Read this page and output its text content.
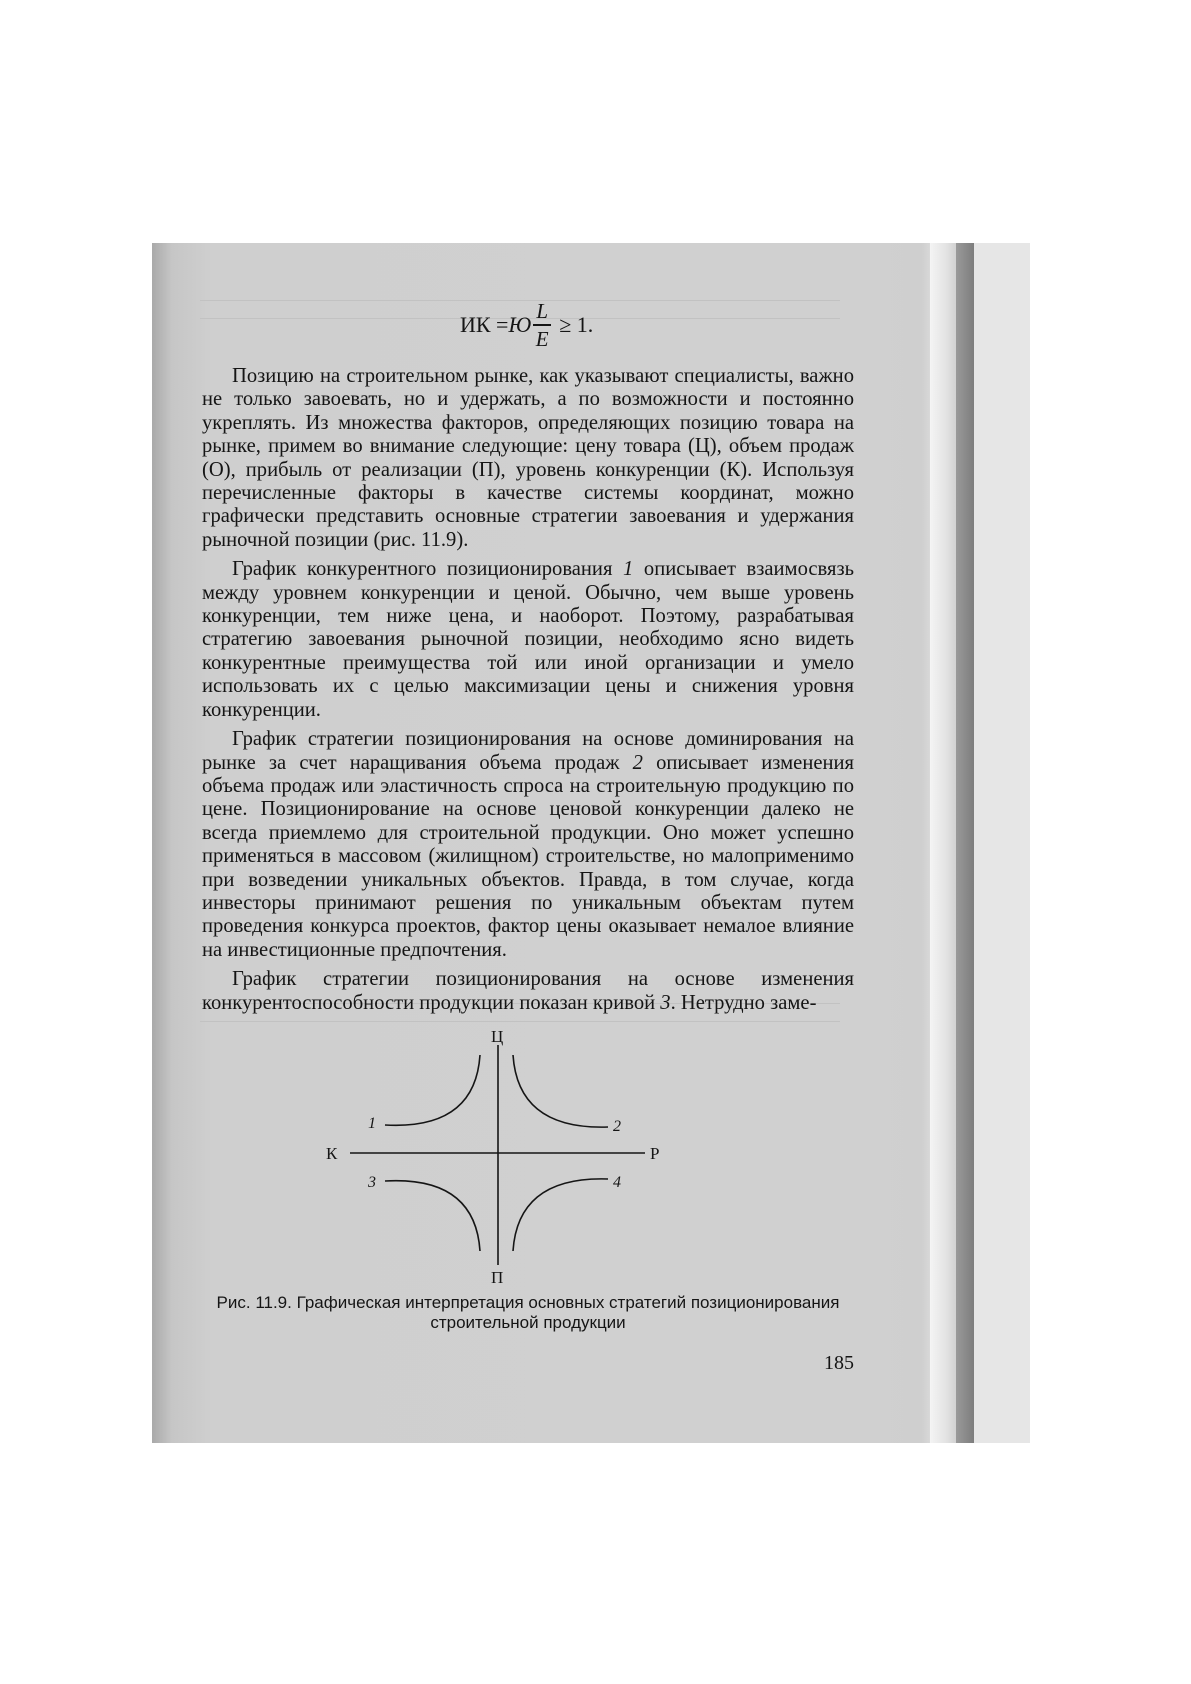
ИК = Ю $\frac{L}{E} \ge 1$.

Позицию на строительном рынке, как указывают специалисты, важно не только завоевать, но и удержать, а по возможности и постоянно укреплять. Из множества факторов, определяющих позицию товара на рынке, примем во внимание следующие: цену товара (Ц), объем продаж (О), прибыль от реализации (П), уровень конкуренции (К). Используя перечисленные факторы в качестве системы координат, можно графически представить основные стратегии завоевания и удержания рыночной позиции (рис. 11.9).

График конкурентного позиционирования 1 описывает взаимосвязь между уровнем конкуренции и ценой. Обычно, чем выше уровень конкуренции, тем ниже цена, и наоборот. Поэтому, разрабатывая стратегию завоевания рыночной позиции, необходимо ясно видеть конкурентные преимущества той или иной организации и умело использовать их с целью максимизации цены и снижения уровня конкуренции.

График стратегии позиционирования на основе доминирования на рынке за счет наращивания объема продаж 2 описывает изменения объема продаж или эластичность спроса на строительную продукцию по цене. Позиционирование на основе ценовой конкуренции далеко не всегда приемлемо для строительной продукции. Оно может успешно применяться в массовом (жилищном) строительстве, но малоприменимо при возведении уникальных объектов. Правда, в том случае, когда инвесторы принимают решения по уникальным объектам путем проведения конкурса проектов, фактор цены оказывает немалое влияние на инвестиционные предпочтения.

График стратегии позиционирования на основе изменения конкурентоспособности продукции показан кривой 3. Нетрудно заме-

Ц
П
К	Р
1	2
3	4
Рис. 11.9. Графическая интерпретация основных стратегий позиционирования строительной продукции
185
